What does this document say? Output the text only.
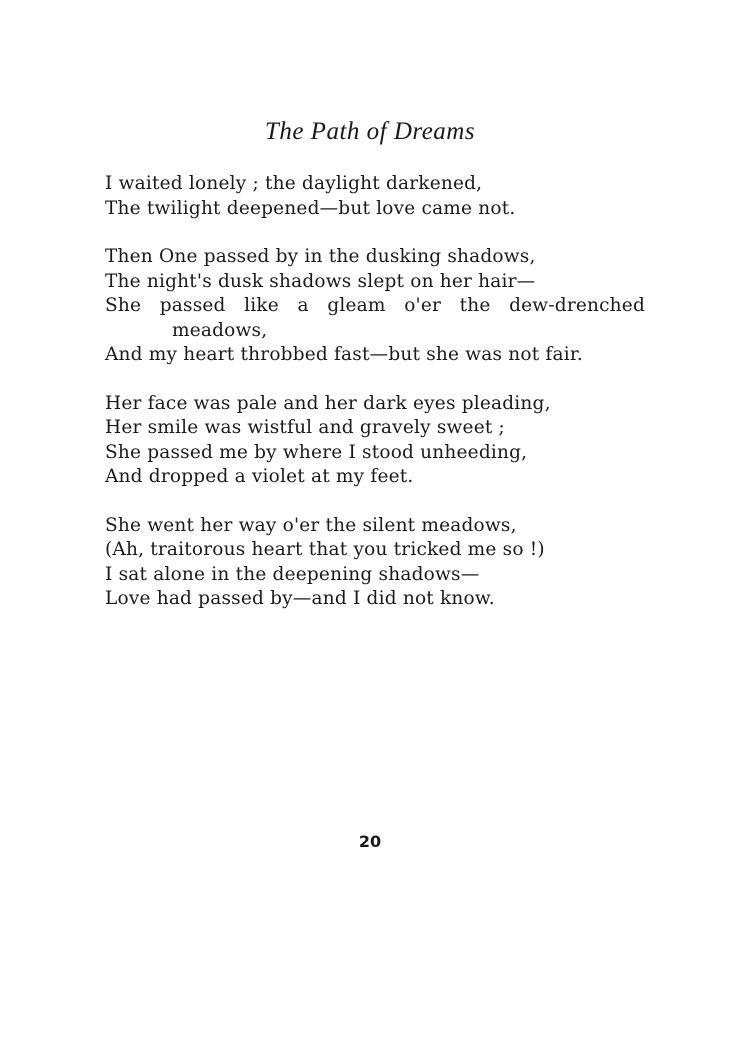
The Path of Dreams
I waited lonely ; the daylight darkened,
The twilight deepened—but love came not.
Then One passed by in the dusking shadows,
The night's dusk shadows slept on her hair—
She passed like a gleam o'er the dew-drenched
meadows,
And my heart throbbed fast—but she was not fair.
Her face was pale and her dark eyes pleading,
Her smile was wistful and gravely sweet ;
She passed me by where I stood unheeding,
And dropped a violet at my feet.
She went her way o'er the silent meadows,
(Ah, traitorous heart that you tricked me so !)
I sat alone in the deepening shadows—
Love had passed by—and I did not know.
20
